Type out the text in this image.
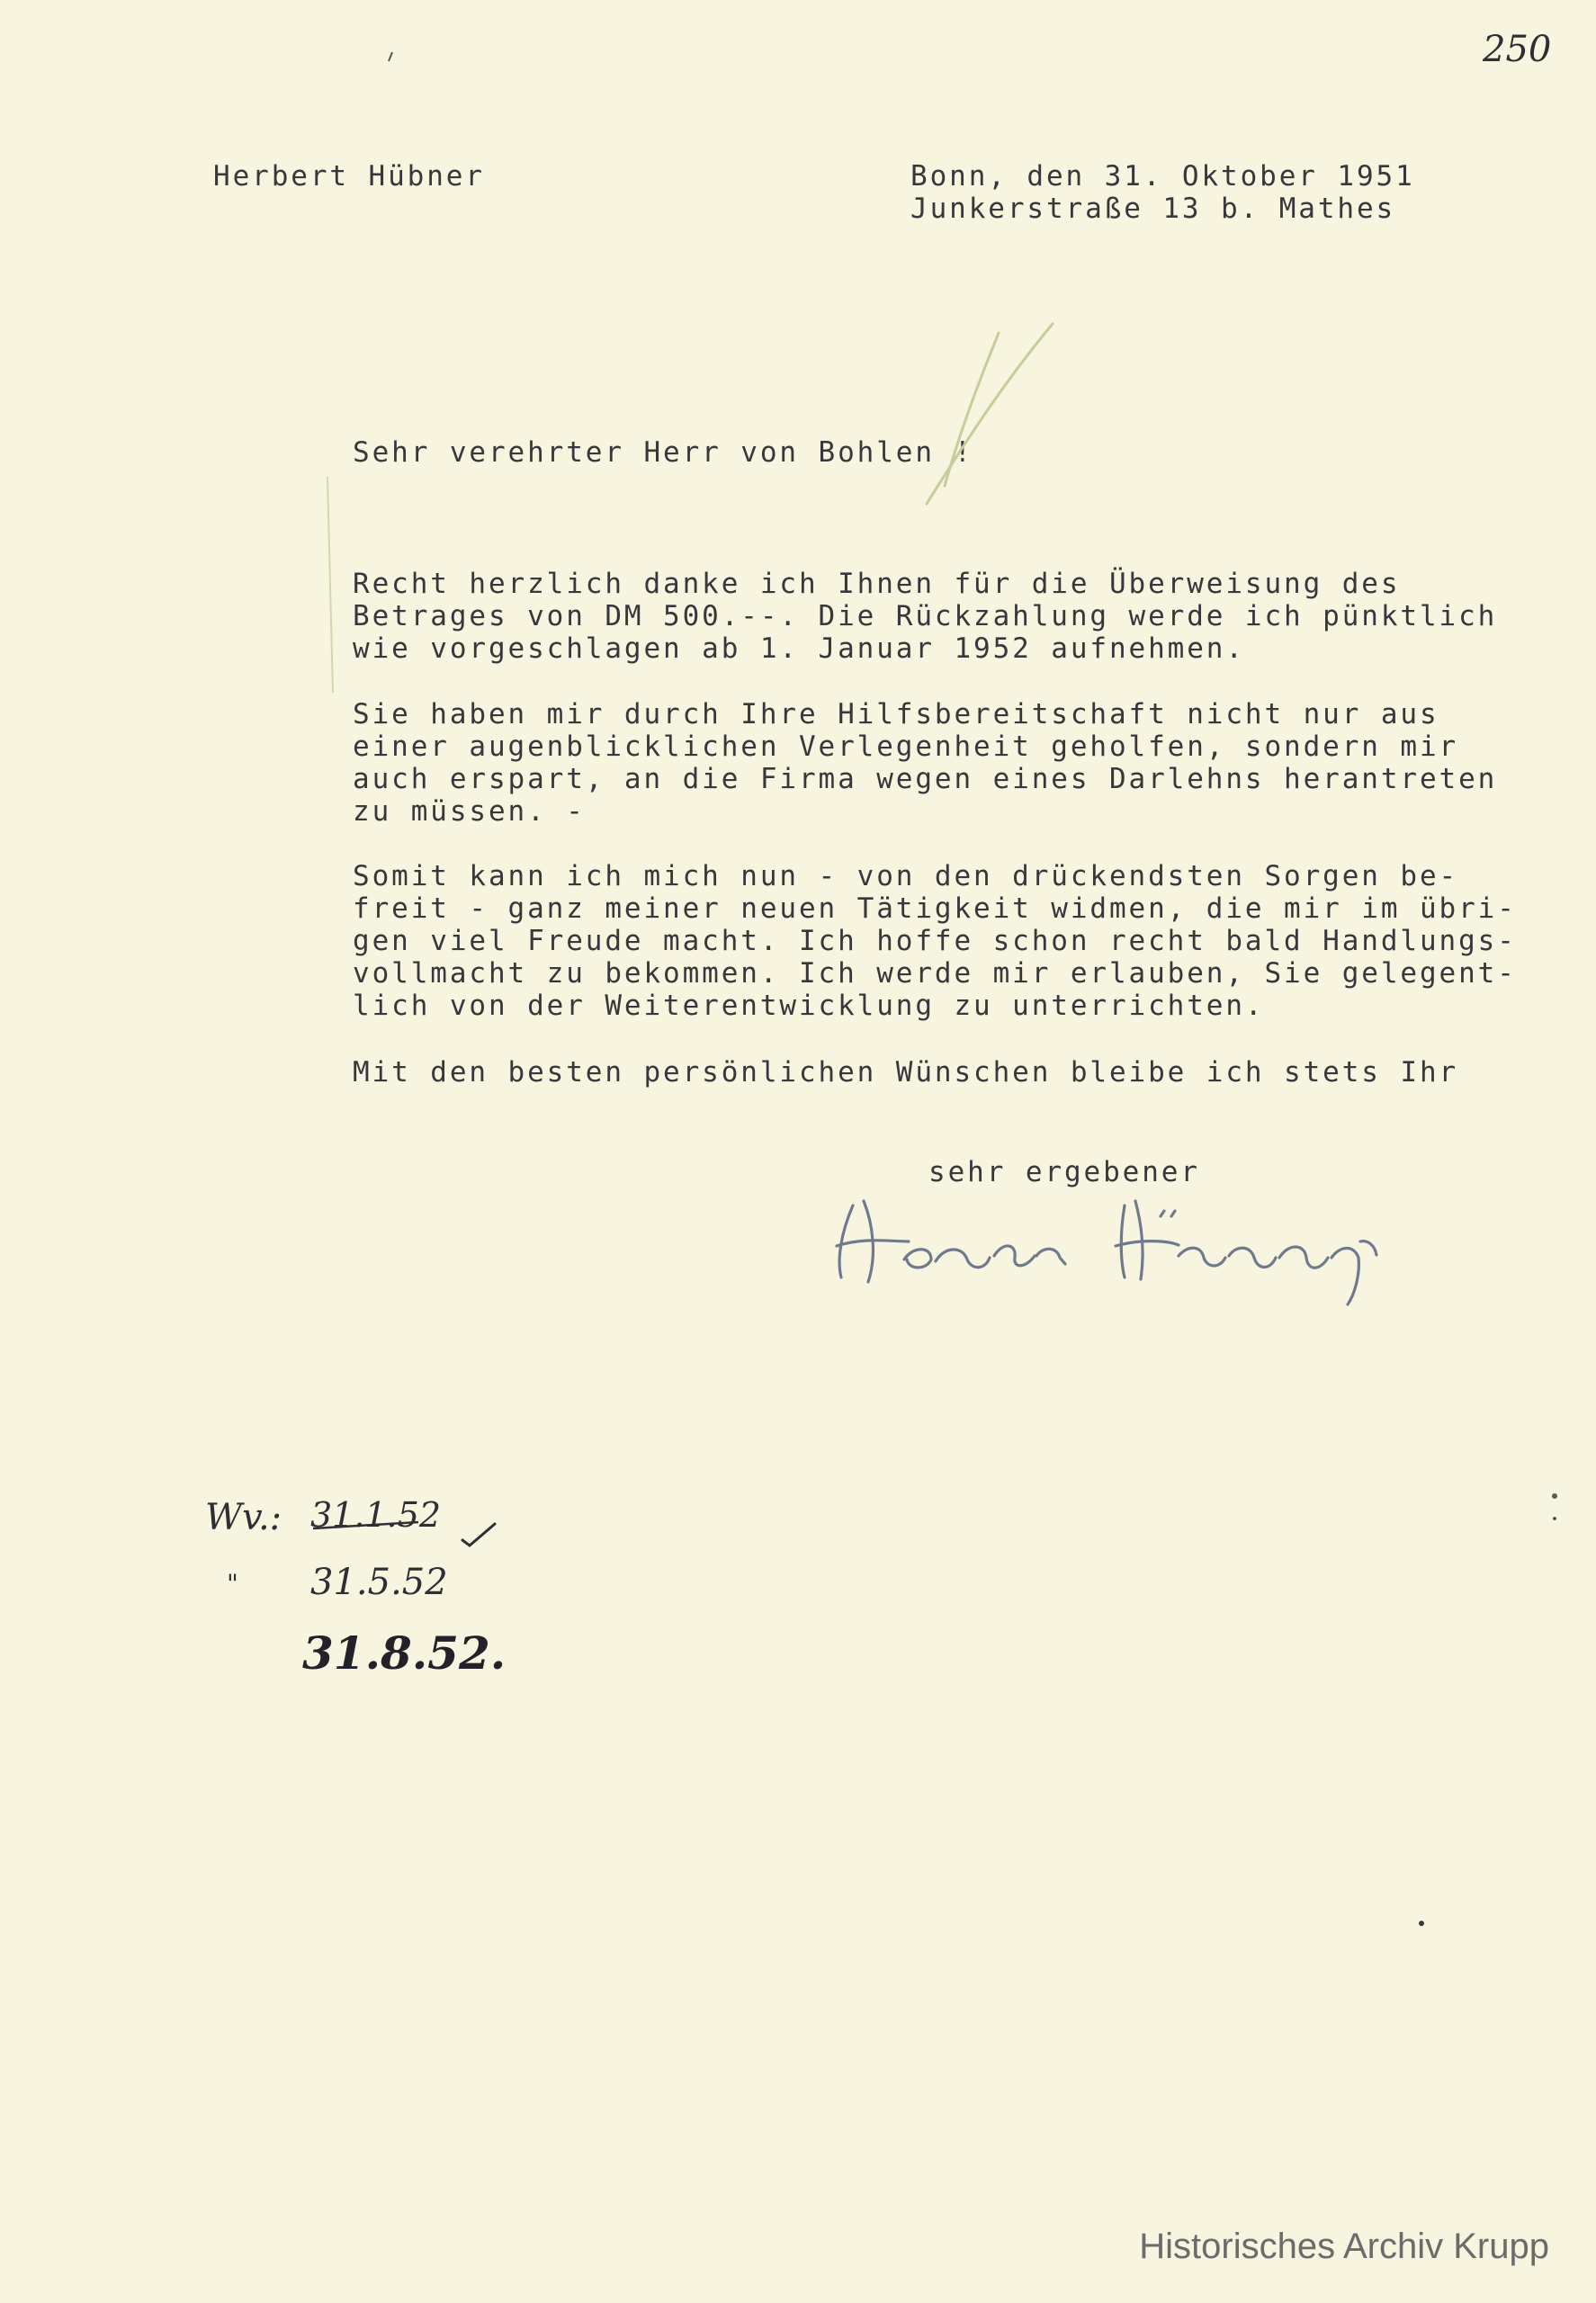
250
Herbert Hübner	Bonn, den 31. Oktober 1951
Junkerstraße 13 b. Mathes
Sehr verehrter Herr von Bohlen !
Recht herzlich danke ich Ihnen für die Überweisung des
Betrages von DM 500.--. Die Rückzahlung werde ich pünktlich
wie vorgeschlagen ab 1. Januar 1952 aufnehmen.
Sie haben mir durch Ihre Hilfsbereitschaft nicht nur aus
einer augenblicklichen Verlegenheit geholfen, sondern mir
auch erspart, an die Firma wegen eines Darlehns herantreten
zu müssen. -
Somit kann ich mich nun - von den drückendsten Sorgen be-
freit - ganz meiner neuen Tätigkeit widmen, die mir im übri-
gen viel Freude macht. Ich hoffe schon recht bald Handlungs-
vollmacht zu bekommen. Ich werde mir erlauben, Sie gelegent-
lich von der Weiterentwicklung zu unterrichten.
Mit den besten persönlichen Wünschen bleibe ich stets Ihr
sehr ergebener
Wv.: 31.1.52
" 31.5.52
31.8.52.
Historisches Archiv Krupp
